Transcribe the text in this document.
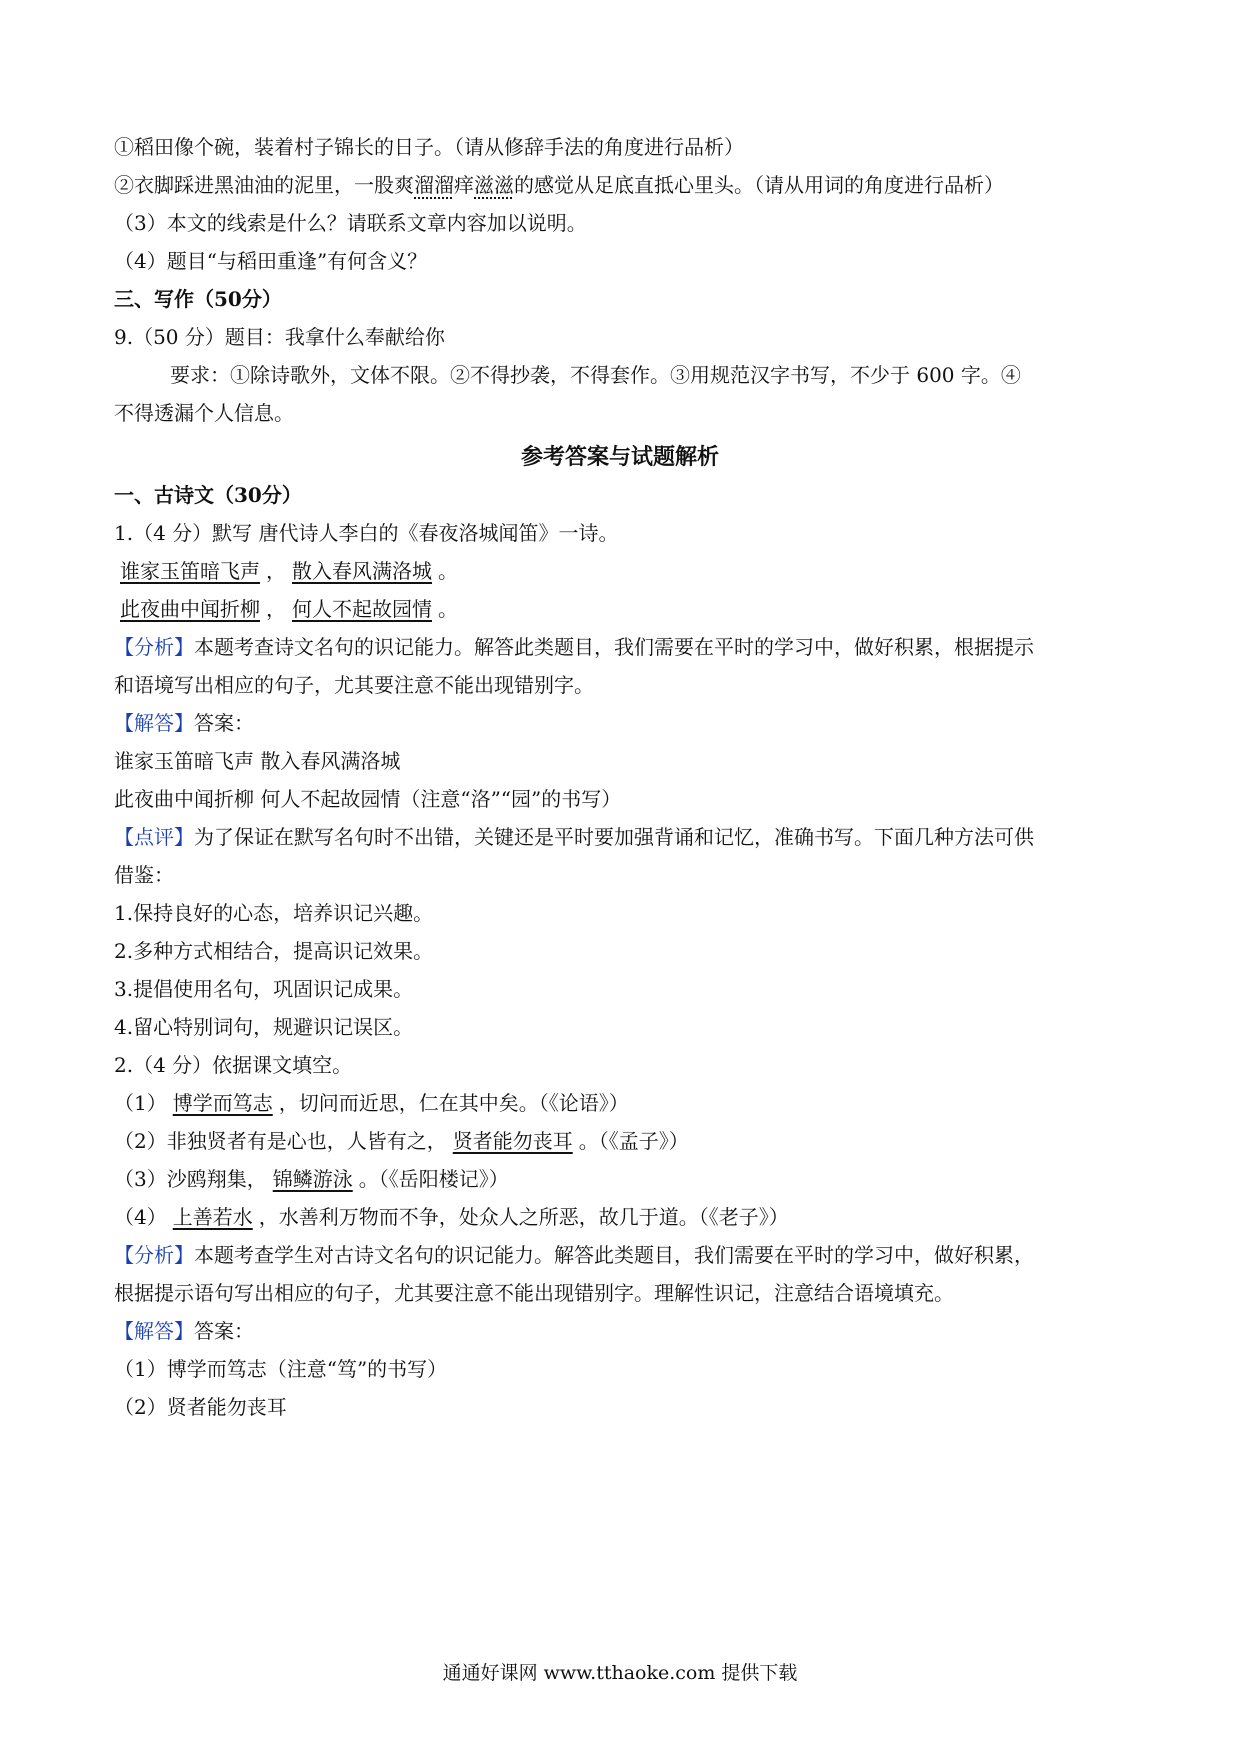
①稻田像个碗，装着村子锦长的日子。（请从修辞手法的角度进行品析）
②衣脚踩进黑油油的泥里，一股爽溜溜痒滋滋的感觉从足底直抵心里头。（请从用词的角度进行品析）
（3）本文的线索是什么？请联系文章内容加以说明。
（4）题目“与稻田重逢”有何含义？
三、写作（50分）
9.（50 分）题目：我拿什么奉献给你
要求：①除诗歌外，文体不限。②不得抄袭，不得套作。③用规范汉字书写，不少于 600 字。④
不得透漏个人信息。
参考答案与试题解析
一、古诗文（30分）
1.（4 分）默写 唐代诗人李白的《春夜洛城闻笛》一诗。
谁家玉笛暗飞声 ， 散入春风满洛城 。
此夜曲中闻折柳 ， 何人不起故园情 。
【分析】本题考查诗文名句的识记能力。解答此类题目，我们需要在平时的学习中，做好积累，根据提示
和语境写出相应的句子，尤其要注意不能出现错别字。
【解答】答案：
谁家玉笛暗飞声 散入春风满洛城
此夜曲中闻折柳 何人不起故园情（注意“洛”“园”的书写）
【点评】为了保证在默写名句时不出错，关键还是平时要加强背诵和记忆，准确书写。下面几种方法可供
借鉴：
1.保持良好的心态，培养识记兴趣。
2.多种方式相结合，提高识记效果。
3.提倡使用名句，巩固识记成果。
4.留心特别词句，规避识记误区。
2.（4 分）依据课文填空。
（1） 博学而笃志 ，切问而近思，仁在其中矣。（《论语》）
（2）非独贤者有是心也，人皆有之， 贤者能勿丧耳 。（《孟子》）
（3）沙鸥翔集， 锦鳞游泳 。（《岳阳楼记》）
（4） 上善若水 ，水善利万物而不争，处众人之所恶，故几于道。（《老子》）
【分析】本题考查学生对古诗文名句的识记能力。解答此类题目，我们需要在平时的学习中，做好积累，
根据提示语句写出相应的句子，尤其要注意不能出现错别字。理解性识记，注意结合语境填充。
【解答】答案：
（1）博学而笃志（注意“笃”的书写）
（2）贤者能勿丧耳
通通好课网 www.tthaoke.com 提供下载
